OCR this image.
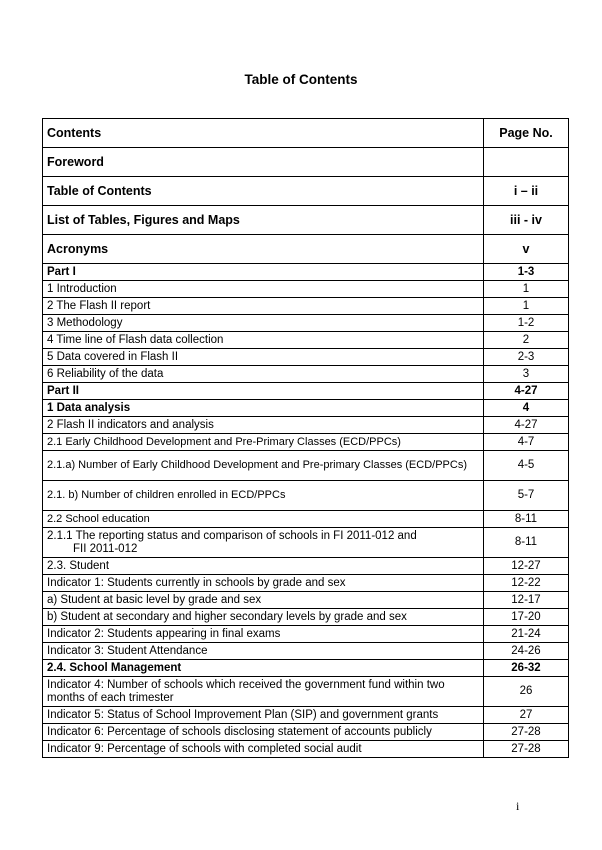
Table of Contents
Contents	Page No.
Foreword	
Table of Contents	i – ii
List of Tables, Figures and Maps	iii - iv
Acronyms	v
Part I	1-3
1 Introduction	1
2 The Flash II report	1
3 Methodology	1-2
4 Time line of Flash data collection	2
5 Data covered in Flash II	2-3
6 Reliability of the data	3
Part II	4-27
1 Data analysis	4
2 Flash II indicators and analysis	4-27
2.1 Early Childhood Development and Pre-Primary Classes (ECD/PPCs)	4-7
2.1.a) Number of Early Childhood Development and Pre-primary Classes (ECD/PPCs)	4-5
2.1. b) Number of children enrolled in ECD/PPCs	5-7
2.2 School education	8-11
2.1.1 The reporting status and comparison of schools in FI 2011-012 and
FII 2011-012	8-11
2.3. Student	12-27
Indicator 1: Students currently in schools by grade and sex	12-22
a) Student at basic level by grade and sex	12-17
b) Student at secondary and higher secondary levels by grade and sex	17-20
Indicator 2: Students appearing in final exams	21-24
Indicator 3: Student Attendance	24-26
2.4. School Management	26-32
Indicator 4: Number of schools which received the government fund within two months of each trimester	26
Indicator 5: Status of School Improvement Plan (SIP) and government grants	27
Indicator 6: Percentage of schools disclosing statement of accounts publicly	27-28
Indicator 9: Percentage of schools with completed social audit	27-28
i
